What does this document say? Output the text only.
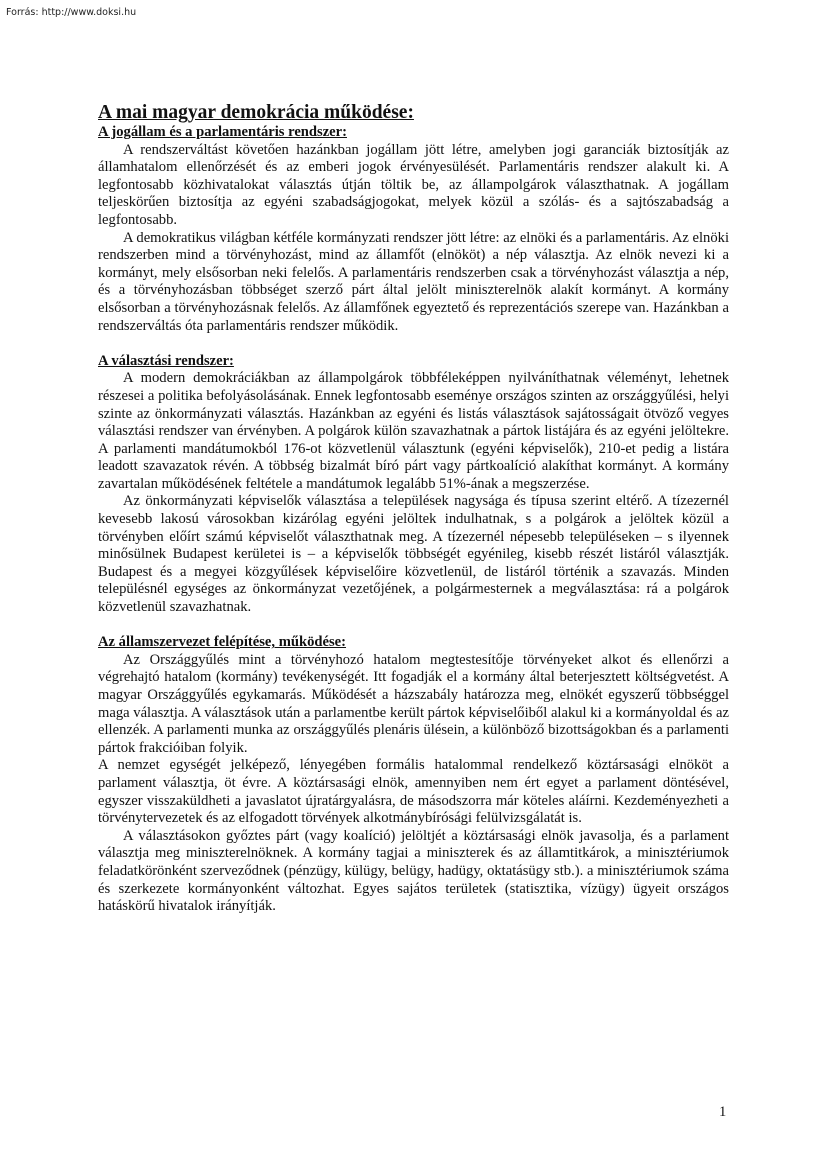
Forrás: http://www.doksi.hu
A mai magyar demokrácia működése:
A jogállam és a parlamentáris rendszer:

A rendszerváltást követően hazánkban jogállam jött létre, amelyben jogi garanciák biztosítják az államhatalom ellenőrzését és az emberi jogok érvényesülését. Parlamentáris rendszer alakult ki. A legfontosabb közhivatalokat választás útján töltik be, az állampolgárok választhatnak. A jogállam teljeskörűen biztosítja az egyéni szabadságjogokat, melyek közül a szólás- és a sajtószabadság a legfontosabb.

A demokratikus világban kétféle kormányzati rendszer jött létre: az elnöki és a parlamentáris. Az elnöki rendszerben mind a törvényhozást, mind az államfőt (elnököt) a nép választja. Az elnök nevezi ki a kormányt, mely elsősorban neki felelős. A parlamentáris rendszerben csak a törvényhozást választja a nép, és a törvényhozásban többséget szerző párt által jelölt miniszterelnök alakít kormányt. A kormány elsősorban a törvényhozásnak felelős. Az államfőnek egyeztető és reprezentációs szerepe van. Hazánkban a rendszerváltás óta parlamentáris rendszer működik.

A választási rendszer:

A modern demokráciákban az állampolgárok többféleképpen nyilváníthatnak véleményt, lehetnek részesei a politika befolyásolásának. Ennek legfontosabb eseménye országos szinten az országgyűlési, helyi szinte az önkormányzati választás. Hazánkban az egyéni és listás választások sajátosságait ötvöző vegyes választási rendszer van érvényben. A polgárok külön szavazhatnak a pártok listájára és az egyéni jelöltekre. A parlamenti mandátumokból 176-ot közvetlenül választunk (egyéni képviselők), 210-et pedig a listára leadott szavazatok révén. A többség bizalmát bíró párt vagy pártkoalíció alakíthat kormányt. A kormány zavartalan működésének feltétele a mandátumok legalább 51%-ának a megszerzése.

Az önkormányzati képviselők választása a települések nagysága és típusa szerint eltérő. A tízezernél kevesebb lakosú városokban kizárólag egyéni jelöltek indulhatnak, s a polgárok a jelöltek közül a törvényben előírt számú képviselőt választhatnak meg. A tízezernél népesebb településeken – s ilyennek minősülnek Budapest kerületei is – a képviselők többségét egyénileg, kisebb részét listáról választják. Budapest és a megyei közgyűlések képviselőire közvetlenül, de listáról történik a szavazás. Minden településnél egységes az önkormányzat vezetőjének, a polgármesternek a megválasztása: rá a polgárok közvetlenül szavazhatnak.

Az államszervezet felépítése, működése:

Az Országgyűlés mint a törvényhozó hatalom megtestesítője törvényeket alkot és ellenőrzi a végrehajtó hatalom (kormány) tevékenységét. Itt fogadják el a kormány által beterjesztett költségvetést. A magyar Országgyűlés egykamarás. Működését a házszabály határozza meg, elnökét egyszerű többséggel maga választja. A választások után a parlamentbe került pártok képviselőiből alakul ki a kormányoldal és az ellenzék. A parlamenti munka az országgyűlés plenáris ülésein, a különböző bizottságokban és a parlamenti pártok frakcióiban folyik.

A nemzet egységét jelképező, lényegében formális hatalommal rendelkező köztársasági elnököt a parlament választja, öt évre. A köztársasági elnök, amennyiben nem ért egyet a parlament döntésével, egyszer visszaküldheti a javaslatot újratárgyalásra, de másodszorra már köteles aláírni. Kezdeményezheti a törvénytervezetek és az elfogadott törvények alkotmánybírósági felülvizsgálatát is.

A választásokon győztes párt (vagy koalíció) jelöltjét a köztársasági elnök javasolja, és a parlament választja meg miniszterelnöknek. A kormány tagjai a miniszterek és az államtitkárok, a minisztériumok feladatkörönként szerveződnek (pénzügy, külügy, belügy, hadügy, oktatásügy stb.). a minisztériumok száma és szerkezete kormányonként változhat. Egyes sajátos területek (statisztika, vízügy) ügyeit országos hatáskörű hivatalok irányítják.

1
